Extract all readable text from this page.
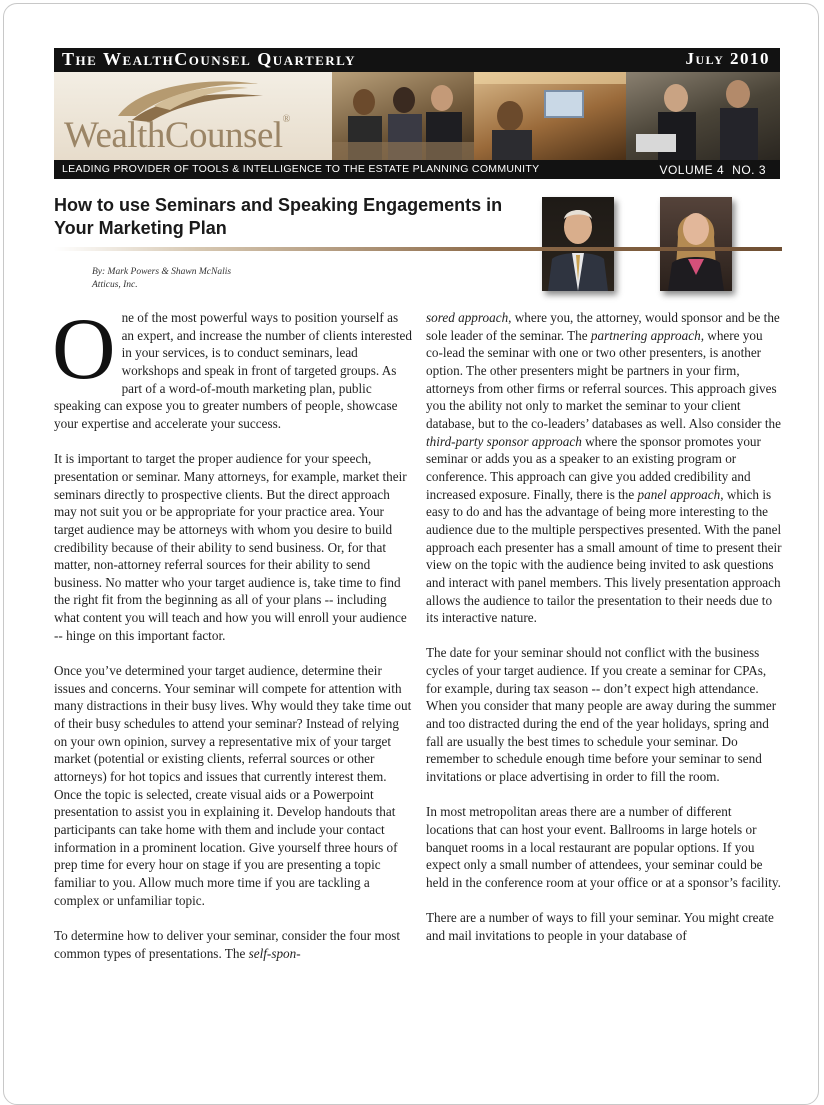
The WealthCounsel Quarterly	July 2010
WealthCounsel®
LEADING PROVIDER OF TOOLS & INTELLIGENCE TO THE ESTATE PLANNING COMMUNITY	VOLUME 4 NO. 3
How to use Seminars and Speaking Engagements in Your Marketing Plan
By: Mark Powers & Shawn McNalis
Atticus, Inc.

One of the most powerful ways to position yourself as an expert, and increase the number of clients interested in your services, is to conduct seminars, lead workshops and speak in front of targeted groups. As part of a word-of-mouth marketing plan, public speaking can expose you to greater numbers of people, showcase your expertise and accelerate your success.

It is important to target the proper audience for your speech, presentation or seminar. Many attorneys, for example, market their seminars directly to prospective clients. But the direct approach may not suit you or be appropriate for your practice area. Your target audience may be attorneys with whom you desire to build credibility because of their ability to send business. Or, for that matter, non-attorney referral sources for their ability to send business. No matter who your target audience is, take time to find the right fit from the beginning as all of your plans -- including what content you will teach and how you will enroll your audience -- hinge on this important factor.

Once you’ve determined your target audience, determine their issues and concerns. Your seminar will compete for attention with many distractions in their busy lives. Why would they take time out of their busy schedules to attend your seminar? Instead of relying on your own opinion, survey a representative mix of your target market (potential or existing clients, referral sources or other attorneys) for hot topics and issues that currently interest them. Once the topic is selected, create visual aids or a Powerpoint presentation to assist you in explaining it. Develop handouts that participants can take home with them and include your contact information in a prominent location. Give yourself three hours of prep time for every hour on stage if you are presenting a topic familiar to you. Allow much more time if you are tackling a complex or unfamiliar topic.

To determine how to deliver your seminar, consider the four most common types of presentations. The self-spon-

sored approach, where you, the attorney, would sponsor and be the sole leader of the seminar. The partnering approach, where you co-lead the seminar with one or two other presenters, is another option. The other presenters might be partners in your firm, attorneys from other firms or referral sources. This approach gives you the ability not only to market the seminar to your client database, but to the co-leaders’ databases as well. Also consider the third-party sponsor approach where the sponsor promotes your seminar or adds you as a speaker to an existing program or conference. This approach can give you added credibility and increased exposure. Finally, there is the panel approach, which is easy to do and has the advantage of being more interesting to the audience due to the multiple perspectives presented. With the panel approach each presenter has a small amount of time to present their view on the topic with the audience being invited to ask questions and interact with panel members. This lively presentation approach allows the audience to tailor the presentation to their needs due to its interactive nature.

The date for your seminar should not conflict with the business cycles of your target audience. If you create a seminar for CPAs, for example, during tax season -- don’t expect high attendance. When you consider that many people are away during the summer and too distracted during the end of the year holidays, spring and fall are usually the best times to schedule your seminar. Do remember to schedule enough time before your seminar to send invitations or place advertising in order to fill the room.

In most metropolitan areas there are a number of different locations that can host your event. Ballrooms in large hotels or banquet rooms in a local restaurant are popular options. If you expect only a small number of attendees, your seminar could be held in the conference room at your office or at a sponsor’s facility.

There are a number of ways to fill your seminar. You might create and mail invitations to people in your database of
